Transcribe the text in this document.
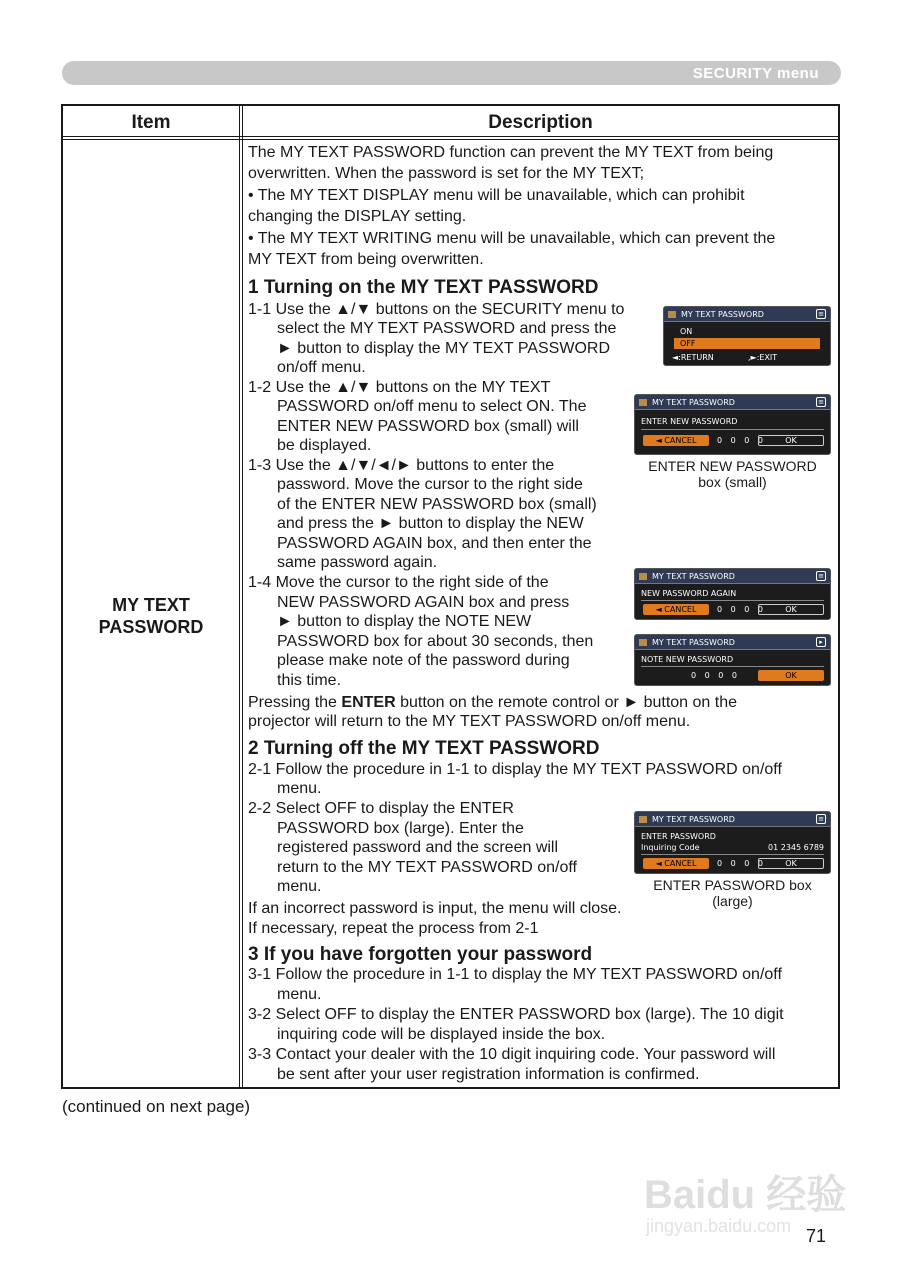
SECURITY menu
Item	Description
MY TEXT
PASSWORD
The MY TEXT PASSWORD function can prevent the MY TEXT from being
overwritten. When the password is set for the MY TEXT;
• The MY TEXT DISPLAY menu will be unavailable, which can prohibit
changing the DISPLAY setting.
• The MY TEXT WRITING menu will be unavailable, which can prevent the
MY TEXT from being overwritten.
1 Turning on the MY TEXT PASSWORD
1-1 Use the ▲/▼ buttons on the SECURITY menu to
select the MY TEXT PASSWORD and press the
► button to display the MY TEXT PASSWORD
on/off menu.
1-2 Use the ▲/▼ buttons on the MY TEXT
PASSWORD on/off menu to select ON. The
ENTER NEW PASSWORD box (small) will
be displayed.
1-3 Use the ▲/▼/◄/► buttons to enter the
password. Move the cursor to the right side
of the ENTER NEW PASSWORD box (small)
and press the ► button to display the NEW
PASSWORD AGAIN box, and then enter the
same password again.
1-4 Move the cursor to the right side of the
NEW PASSWORD AGAIN box and press
► button to display the NOTE NEW
PASSWORD box for about 30 seconds, then
please make note of the password during
this time.
Pressing the ENTER button on the remote control or ► button on the
projector will return to the MY TEXT PASSWORD on/off menu.
2 Turning off the MY TEXT PASSWORD
2-1 Follow the procedure in 1-1 to display the MY TEXT PASSWORD on/off
menu.
2-2 Select OFF to display the ENTER
PASSWORD box (large). Enter the
registered password and the screen will
return to the MY TEXT PASSWORD on/off
menu.
If an incorrect password is input, the menu will close.
If necessary, repeat the process from 2-1
3 If you have forgotten your password
3-1 Follow the procedure in 1-1 to display the MY TEXT PASSWORD on/off
menu.
3-2 Select OFF to display the ENTER PASSWORD box (large). The 10 digit
inquiring code will be displayed inside the box.
3-3 Contact your dealer with the 10 digit inquiring code. Your password will
be sent after your user registration information is confirmed.
MY TEXT PASSWORD	≡
ON
OFF
◄:RETURN	,►:EXIT
MY TEXT PASSWORD	≡
ENTER NEW PASSWORD
◄ CANCEL	0 0 0 0	OK
ENTER NEW PASSWORD
box (small)
MY TEXT PASSWORD	≡
NEW PASSWORD AGAIN
◄ CANCEL	0 0 0 0	OK
MY TEXT PASSWORD	▸
NOTE NEW PASSWORD
0 0 0 0	OK
MY TEXT PASSWORD	≡
ENTER PASSWORD
Inquiring Code	01 2345 6789
◄ CANCEL	0 0 0 0	OK
ENTER PASSWORD box
(large)
(continued on next page)
Baidu 经验
jingyan.baidu.com 71
